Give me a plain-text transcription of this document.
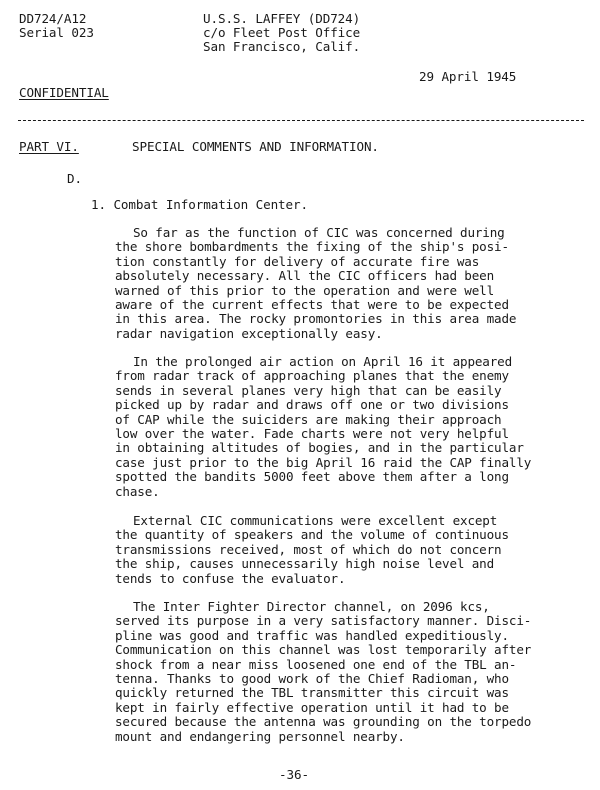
DD724/A12
Serial 023
U.S.S. LAFFEY (DD724)
c/o Fleet Post Office
San Francisco, Calif.
29 April 1945
CONFIDENTIAL
PART VI.	SPECIAL COMMENTS AND INFORMATION.
D.
1. Combat Information Center.
So far as the function of CIC was concerned during
the shore bombardments the fixing of the ship's posi-
tion constantly for delivery of accurate fire was
absolutely necessary. All the CIC officers had been
warned of this prior to the operation and were well
aware of the current effects that were to be expected
in this area. The rocky promontories in this area made
radar navigation exceptionally easy.
In the prolonged air action on April 16 it appeared
from radar track of approaching planes that the enemy
sends in several planes very high that can be easily
picked up by radar and draws off one or two divisions
of CAP while the suiciders are making their approach
low over the water. Fade charts were not very helpful
in obtaining altitudes of bogies, and in the particular
case just prior to the big April 16 raid the CAP finally
spotted the bandits 5000 feet above them after a long
chase.
External CIC communications were excellent except
the quantity of speakers and the volume of continuous
transmissions received, most of which do not concern
the ship, causes unnecessarily high noise level and
tends to confuse the evaluator.
The Inter Fighter Director channel, on 2096 kcs,
served its purpose in a very satisfactory manner. Disci-
pline was good and traffic was handled expeditiously.
Communication on this channel was lost temporarily after
shock from a near miss loosened one end of the TBL an-
tenna. Thanks to good work of the Chief Radioman, who
quickly returned the TBL transmitter this circuit was
kept in fairly effective operation until it had to be
secured because the antenna was grounding on the torpedo
mount and endangering personnel nearby.
-36-
